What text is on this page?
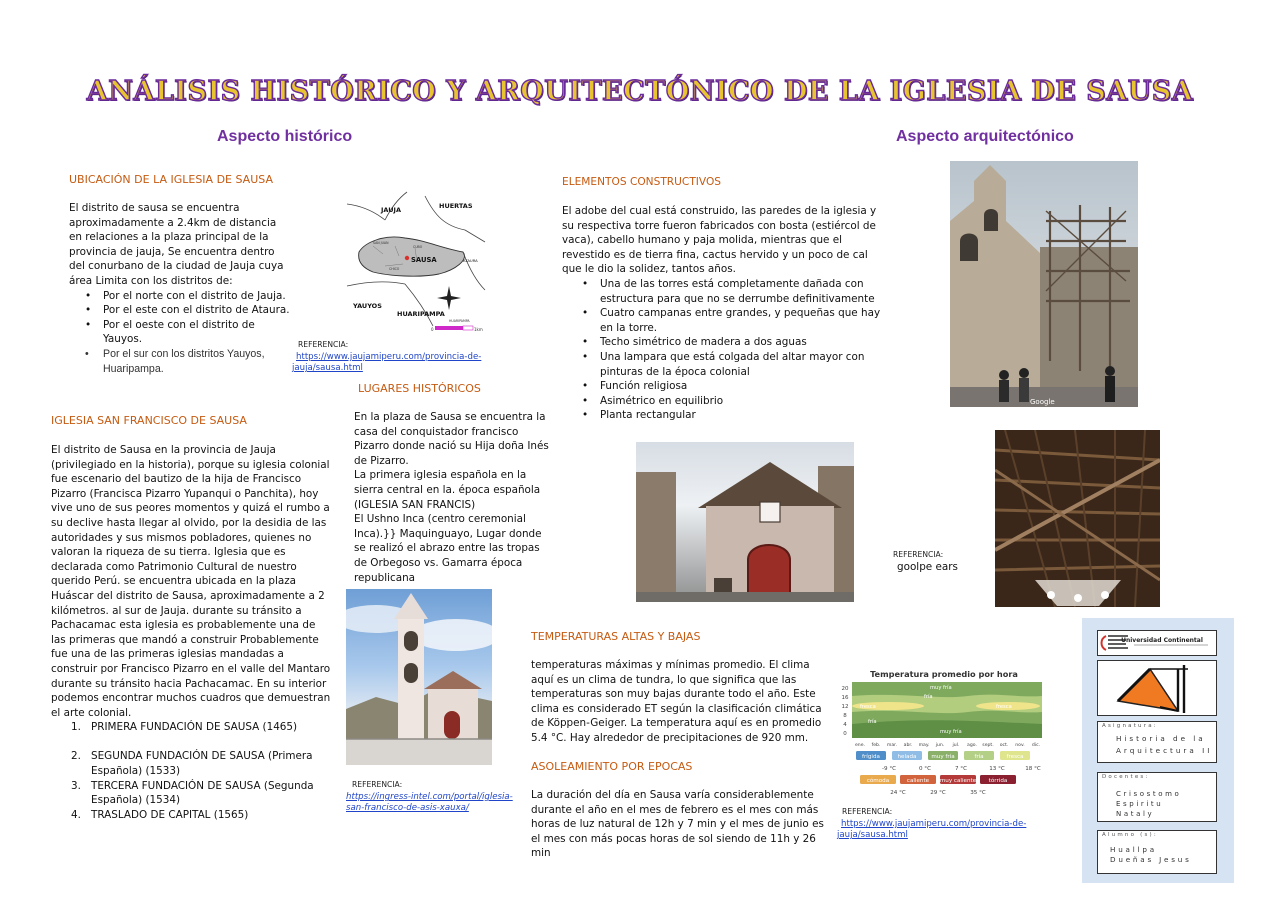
ANÁLISIS HISTÓRICO Y ARQUITECTÓNICO DE LA IGLESIA DE SAUSA
Aspecto histórico	Aspecto arquitectónico
UBICACIÓN DE LA IGLESIA DE SAUSA

El distrito de sausa se encuentra aproximadamente a 2.4km de distancia en relaciones a la plaza principal de la provincia de jauja, Se encuentra dentro del conurbano de la ciudad de Jauja cuya área Limita con los distritos de:

• Por el norte con el distrito de Jauja.
• Por el este con el distrito de Ataura.
• Por el oeste con el distrito de Yauyos.
• Por el sur con los distritos Yauyos, Huaripampa.
JAUJA	HUERTAS
SAUSA	ATAURA
YAUYOS
HUARIPAMPA
SAN JUAN
CUBO
CHICO
HUARIPAMPA
0	1km
REFERENCIA:
https://www.jaujamiperu.com/provincia-de-jauja/sausa.html
LUGARES HISTÓRICOS

En la plaza de Sausa se encuentra la casa del conquistador francisco

Pizarro donde nació su Hija doña Inés de Pizarro.

La primera iglesia española en la sierra central en la. época española (IGLESIA SAN FRANCIS)

El Ushno Inca (centro ceremonial Inca).}} Maquinguayo, Lugar donde se realizó el abrazo entre las tropas de Orbegoso vs. Gamarra época republicana

IGLESIA SAN FRANCISCO DE SAUSA

El distrito de Sausa en la provincia de Jauja (privilegiado en la historia), porque su iglesia colonial fue escenario del bautizo de la hija de Francisco Pizarro (Francisca Pizarro Yupanqui o Panchita), hoy vive uno de sus peores momentos y quizá el rumbo a su declive hasta llegar al olvido, por la desidia de las autoridades y sus mismos pobladores, quienes no valoran la riqueza de su tierra. Iglesia que es declarada como Patrimonio Cultural de nuestro querido Perú. se encuentra ubicada en la plaza Huáscar del distrito de Sausa, aproximadamente a 2 kilómetros. al sur de Jauja. durante su tránsito a Pachacamac esta iglesia es probablemente una de las primeras que mandó a construir Probablemente fue una de las primeras iglesias mandadas a construir por Francisco Pizarro en el valle del Mantaro durante su tránsito hacia Pachacamac. En su interior podemos encontrar muchos cuadros que demuestran el arte colonial.

1. PRIMERA FUNDACIÓN DE SAUSA (1465)
2. SEGUNDA FUNDACIÓN DE SAUSA (Primera Española) (1533)
3. TERCERA FUNDACIÓN DE SAUSA (Segunda Española) (1534)
4. TRASLADO DE CAPITAL (1565)
REFERENCIA:
https://ingress-intel.com/portal/iglesia-san-francisco-de-asis-xauxa/
ELEMENTOS CONSTRUCTIVOS

El adobe del cual está construido, las paredes de la iglesia y su respectiva torre fueron fabricados con bosta (estiércol de vaca), cabello humano y paja molida, mientras que el revestido es de tierra fina, cactus hervido y un poco de cal que le dio la solidez, tantos años.

• Una de las torres está completamente dañada con estructura para que no se derrumbe definitivamente
• Cuatro campanas entre grandes, y pequeñas que hay en la torre.
• Techo simétrico de madera a dos aguas
• Una lampara que está colgada del altar mayor con pinturas de la época colonial
• Función religiosa
• Asimétrico en equilibrio
• Planta rectangular
Google
REFERENCIA:
goolpe ears
TEMPERATURAS ALTAS Y BAJAS
temperaturas máximas y mínimas promedio. El clima aquí es un clima de tundra, lo que significa que las temperaturas son muy bajas durante todo el año. Este clima es considerado ET según la clasificación climática de Köppen-Geiger. La temperatura aquí es en promedio 5.4 °C. Hay alrededor de precipitaciones de 920 mm.
ASOLEAMIENTO POR EPOCAS
La duración del día en Sausa varía considerablemente durante el año en el mes de febrero es el mes con más horas de luz natural de 12h y 7 min y el mes de junio es el mes con más pocas horas de sol siendo de 11h y 26 min
Temperatura promedio por hora
20
16
12
8
4
0
muy fría
fría
fresca	fresca
fría
muy fría
ene. feb. mar. abr. may. jun. jul. ago. sept. oct. nov. dic.
frígida	helada	muy fría	fría	fresca
-9 °C	0 °C	7 °C	13 °C	18 °C
cómoda	caliente muy caliente tórrida
24 °C	29 °C	35 °C
REFERENCIA:
https://www.jaujamiperu.com/provincia-de-jauja/sausa.html
Universidad Continental
Asignatura:
Historia de la Arquitectura II
Docentes:
Crisostomo Espiritu Nataly
Alumno (s):
Huallpa Dueñas Jesus
